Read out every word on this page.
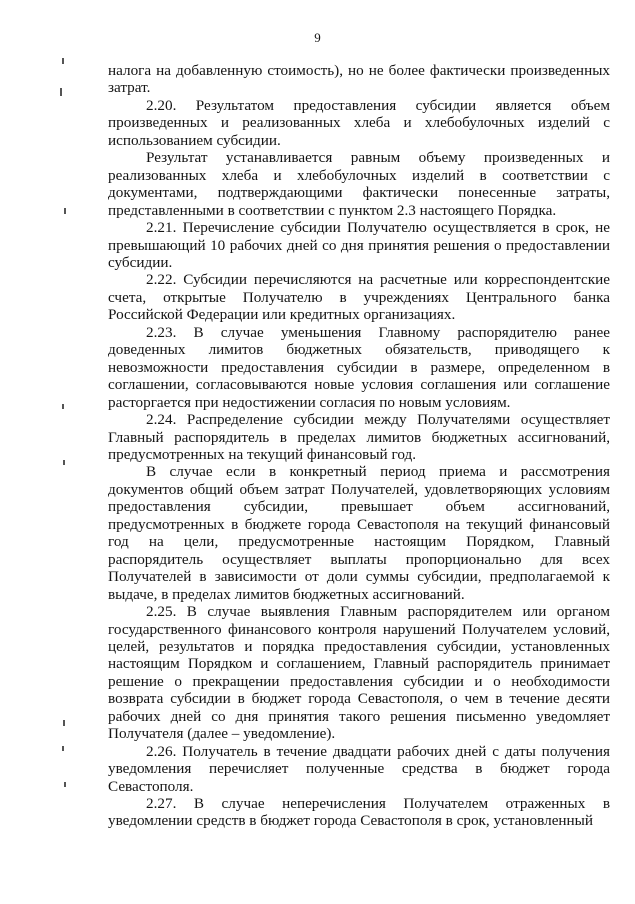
9

налога на добавленную стоимость), но не более фактически произведенных затрат.

2.20. Результатом предоставления субсидии является объем произведенных и реализованных хлеба и хлебобулочных изделий с использованием субсидии.

Результат устанавливается равным объему произведенных и реализованных хлеба и хлебобулочных изделий в соответствии с документами, подтверждающими фактически понесенные затраты, представленными в соответствии с пунктом 2.3 настоящего Порядка.

2.21. Перечисление субсидии Получателю осуществляется в срок, не превышающий 10 рабочих дней со дня принятия решения о предоставлении субсидии.

2.22. Субсидии перечисляются на расчетные или корреспондентские счета, открытые Получателю в учреждениях Центрального банка Российской Федерации или кредитных организациях.

2.23. В случае уменьшения Главному распорядителю ранее доведенных лимитов бюджетных обязательств, приводящего к невозможности предоставления субсидии в размере, определенном в соглашении, согласовываются новые условия соглашения или соглашение расторгается при недостижении согласия по новым условиям.

2.24. Распределение субсидии между Получателями осуществляет Главный распорядитель в пределах лимитов бюджетных ассигнований, предусмотренных на текущий финансовый год.

В случае если в конкретный период приема и рассмотрения документов общий объем затрат Получателей, удовлетворяющих условиям предоставления субсидии, превышает объем ассигнований, предусмотренных в бюджете города Севастополя на текущий финансовый год на цели, предусмотренные настоящим Порядком, Главный распорядитель осуществляет выплаты пропорционально для всех Получателей в зависимости от доли суммы субсидии, предполагаемой к выдаче, в пределах лимитов бюджетных ассигнований.

2.25. В случае выявления Главным распорядителем или органом государственного финансового контроля нарушений Получателем условий, целей, результатов и порядка предоставления субсидии, установленных настоящим Порядком и соглашением, Главный распорядитель принимает решение о прекращении предоставления субсидии и о необходимости возврата субсидии в бюджет города Севастополя, о чем в течение десяти рабочих дней со дня принятия такого решения письменно уведомляет Получателя (далее – уведомление).

2.26. Получатель в течение двадцати рабочих дней с даты получения уведомления перечисляет полученные средства в бюджет города Севастополя.

2.27. В случае неперечисления Получателем отраженных в уведомлении средств в бюджет города Севастополя в срок, установленный
